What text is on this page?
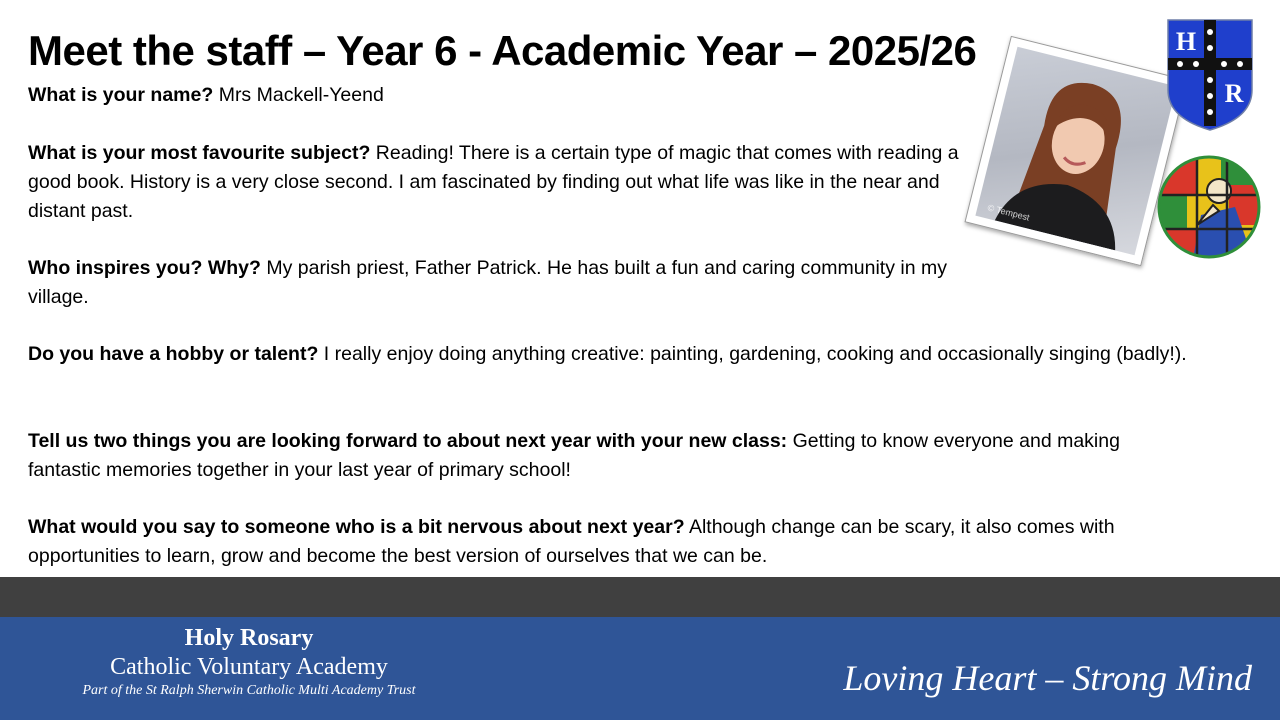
Meet the staff – Year 6 - Academic Year – 2025/26

What is your name? Mrs Mackell-Yeend

What is your most favourite subject? Reading! There is a certain type of magic that comes with reading a good book. History is a very close second. I am fascinated by finding out what life was like in the near and distant past.

Who inspires you? Why? My parish priest, Father Patrick. He has built a fun and caring community in my village.

Do you have a hobby or talent? I really enjoy doing anything creative: painting, gardening, cooking and occasionally singing (badly!).

Tell us two things you are looking forward to about next year with your new class: Getting to know everyone and making fantastic memories together in your last year of primary school!

What would you say to someone who is a bit nervous about next year? Although change can be scary, it also comes with opportunities to learn, grow and become the best version of ourselves that we can be.

© Tempest
H
R
Holy Rosary
Catholic Voluntary Academy
Part of the St Ralph Sherwin Catholic Multi Academy Trust	Loving Heart – Strong Mind
